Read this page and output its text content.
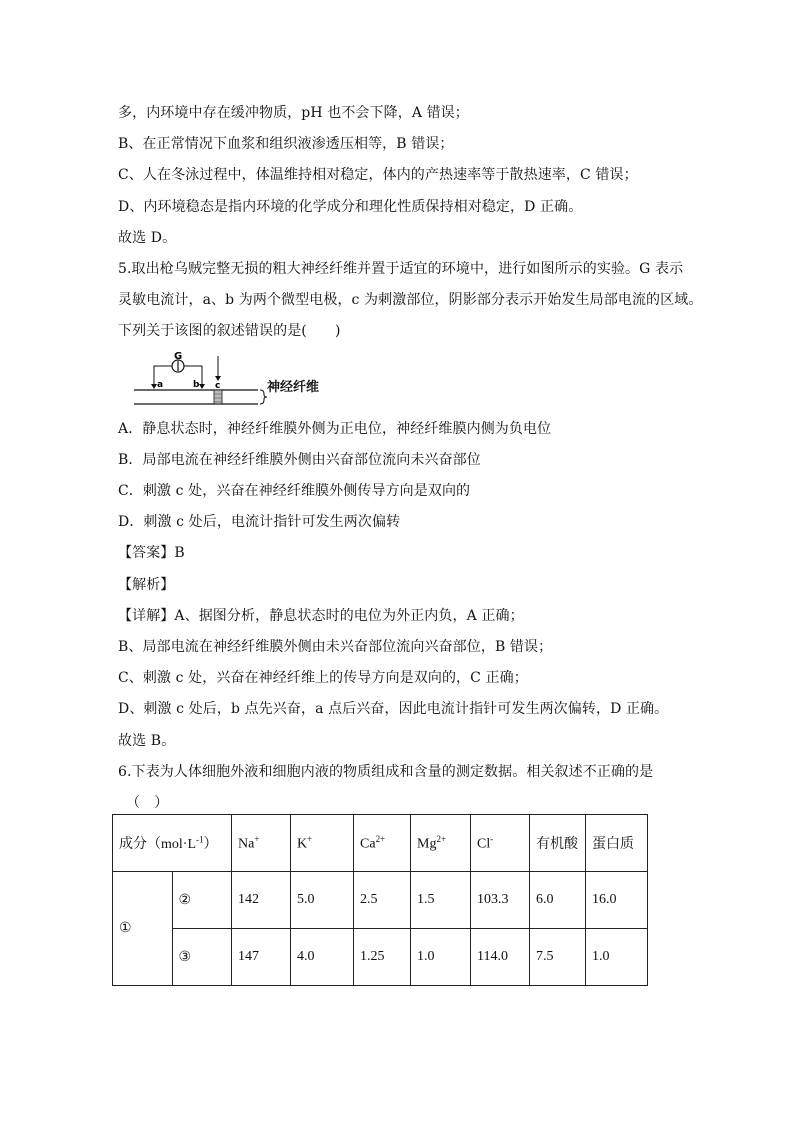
多，内环境中存在缓冲物质，pH 也不会下降，A 错误；
B、在正常情况下血浆和组织液渗透压相等，B 错误；
C、人在冬泳过程中，体温维持相对稳定，体内的产热速率等于散热速率，C 错误；
D、内环境稳态是指内环境的化学成分和理化性质保持相对稳定，D 正确。
故选 D。
5.取出枪乌贼完整无损的粗大神经纤维并置于适宜的环境中，进行如图所示的实验。G 表示
灵敏电流计，a、b 为两个微型电极，c 为刺激部位，阴影部分表示开始发生局部电流的区域。
下列关于该图的叙述错误的是(　　)
G
a	b c	神经纤维
A．静息状态时，神经纤维膜外侧为正电位，神经纤维膜内侧为负电位
B．局部电流在神经纤维膜外侧由兴奋部位流向未兴奋部位
C．刺激 c 处，兴奋在神经纤维膜外侧传导方向是双向的
D．刺激 c 处后，电流计指针可发生两次偏转
【答案】B
【解析】
【详解】A、据图分析，静息状态时的电位为外正内负，A 正确；
B、局部电流在神经纤维膜外侧由未兴奋部位流向兴奋部位，B 错误；
C、刺激 c 处，兴奋在神经纤维上的传导方向是双向的，C 正确；
D、刺激 c 处后，b 点先兴奋，a 点后兴奋，因此电流计指针可发生两次偏转，D 正确。
故选 B。
6.下表为人体细胞外液和细胞内液的物质组成和含量的测定数据。相关叙述不正确的是
（　）
成分$(mol\cdot L^{-1})$		Na+	K+	$Ca^{2+}$	$Mg^{2+}$	Cl-	有机酸	蛋白质
①	②	142	5.0	2.5	1.5	103.3	6.0	16.0
	③	147	4.0	1.25	1.0	114.0	7.5	1.0
